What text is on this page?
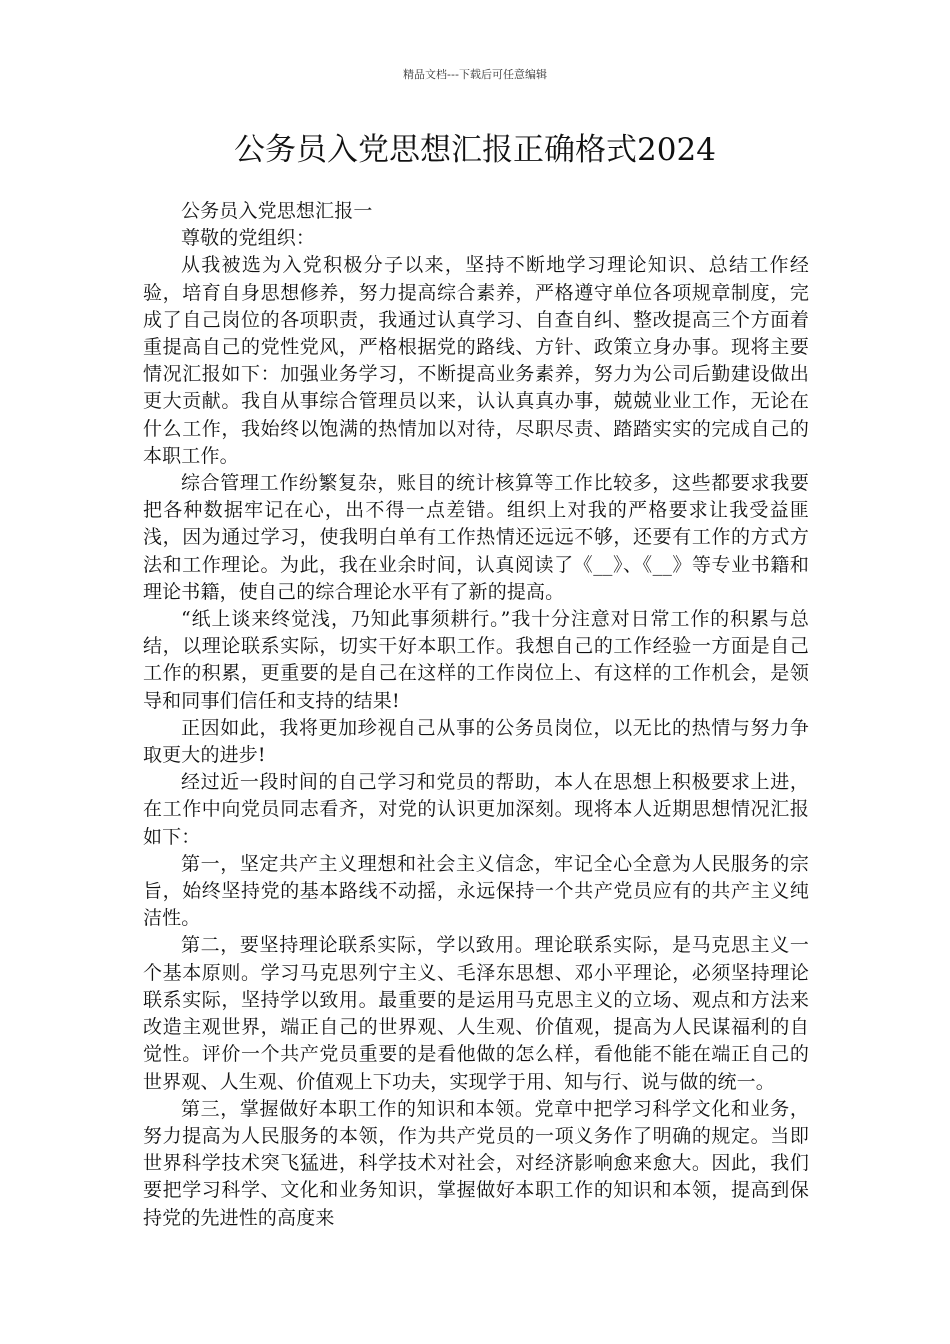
精品文档---下载后可任意编辑
公务员入党思想汇报正确格式2024

公务员入党思想汇报一

尊敬的党组织：

从我被选为入党积极分子以来，坚持不断地学习理论知识、总结工作经验，培育自身思想修养，努力提高综合素养，严格遵守单位各项规章制度，完成了自己岗位的各项职责，我通过认真学习、自查自纠、整改提高三个方面着重提高自己的党性党风，严格根据党的路线、方针、政策立身办事。现将主要情况汇报如下：加强业务学习，不断提高业务素养，努力为公司后勤建设做出更大贡献。我自从事综合管理员以来，认认真真办事，兢兢业业工作，无论在什么工作，我始终以饱满的热情加以对待，尽职尽责、踏踏实实的完成自己的本职工作。

综合管理工作纷繁复杂，账目的统计核算等工作比较多，这些都要求我要把各种数据牢记在心，出不得一点差错。组织上对我的严格要求让我受益匪浅，因为通过学习，使我明白单有工作热情还远远不够，还要有工作的方式方法和工作理论。为此，我在业余时间，认真阅读了《__》、《__》等专业书籍和理论书籍，使自己的综合理论水平有了新的提高。

“纸上谈来终觉浅，乃知此事须耕行。”我十分注意对日常工作的积累与总结，以理论联系实际，切实干好本职工作。我想自己的工作经验一方面是自己工作的积累，更重要的是自己在这样的工作岗位上、有这样的工作机会，是领导和同事们信任和支持的结果!

正因如此，我将更加珍视自己从事的公务员岗位，以无比的热情与努力争取更大的进步!

经过近一段时间的自己学习和党员的帮助，本人在思想上积极要求上进，在工作中向党员同志看齐，对党的认识更加深刻。现将本人近期思想情况汇报如下：

第一，坚定共产主义理想和社会主义信念，牢记全心全意为人民服务的宗旨，始终坚持党的基本路线不动摇，永远保持一个共产党员应有的共产主义纯洁性。

第二，要坚持理论联系实际，学以致用。理论联系实际，是马克思主义一个基本原则。学习马克思列宁主义、毛泽东思想、邓小平理论，必须坚持理论联系实际，坚持学以致用。最重要的是运用马克思主义的立场、观点和方法来改造主观世界，端正自己的世界观、人生观、价值观，提高为人民谋福利的自觉性。评价一个共产党员重要的是看他做的怎么样，看他能不能在端正自己的世界观、人生观、价值观上下功夫，实现学于用、知与行、说与做的统一。

第三，掌握做好本职工作的知识和本领。党章中把学习科学文化和业务，努力提高为人民服务的本领，作为共产党员的一项义务作了明确的规定。当即世界科学技术突飞猛进，科学技术对社会，对经济影响愈来愈大。因此，我们要把学习科学、文化和业务知识，掌握做好本职工作的知识和本领，提高到保持党的先进性的高度来
